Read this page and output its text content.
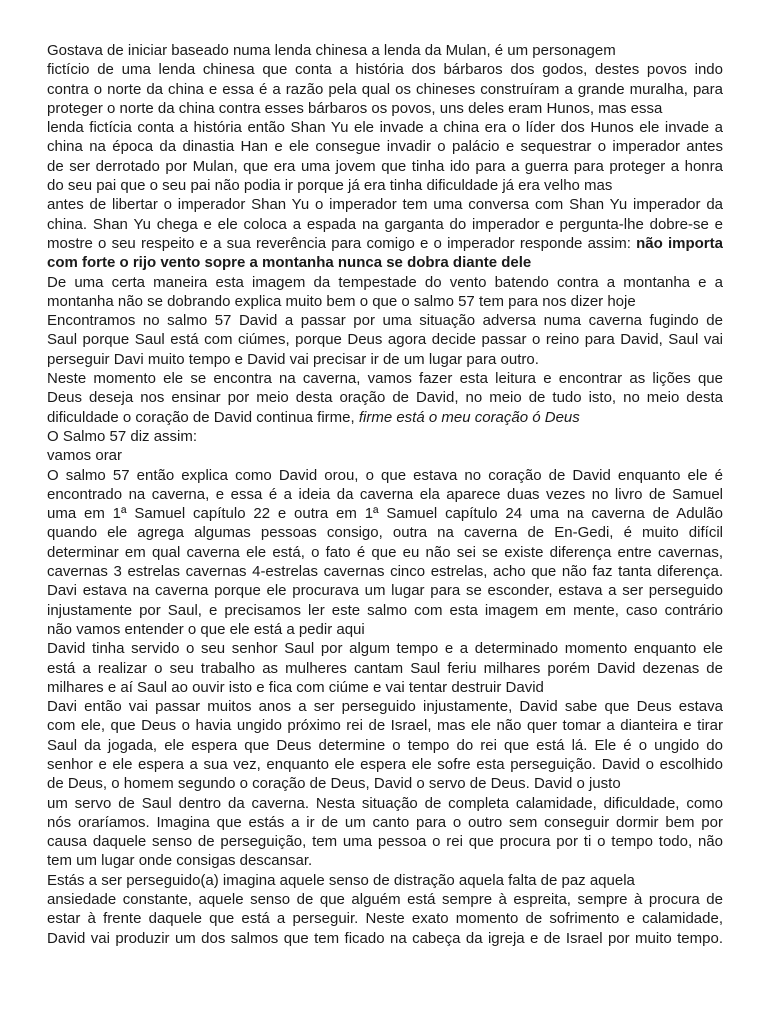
Gostava de iniciar baseado numa lenda chinesa a lenda da Mulan, é um personagem
fictício de uma lenda chinesa que conta a história dos bárbaros dos godos, destes povos indo
contra o norte da china e essa é a razão pela qual os chineses construíram a grande muralha, para
proteger o norte da china contra esses bárbaros os povos, uns deles eram Hunos, mas essa
lenda fictícia conta a história então Shan Yu ele invade a china era o líder dos Hunos ele invade a
china na época da dinastia Han e ele consegue invadir o palácio e sequestrar o imperador antes
de ser derrotado por Mulan, que era uma jovem que tinha ido para a guerra para proteger a honra
do seu pai que o seu pai não podia ir porque já era tinha dificuldade já era velho mas
antes de libertar o imperador Shan Yu o imperador tem uma conversa com Shan Yu imperador da
china. Shan Yu chega e ele coloca a espada na garganta do imperador e pergunta-lhe dobre-se e
mostre o seu respeito e a sua reverência para comigo e o imperador responde assim: não importa
com forte o rijo vento sopre a montanha nunca se dobra diante dele
De uma certa maneira esta imagem da tempestade do vento batendo contra a montanha e a
montanha não se dobrando explica muito bem o que o salmo 57 tem para nos dizer hoje
Encontramos no salmo 57 David a passar por uma situação adversa numa caverna fugindo de
Saul porque Saul está com ciúmes, porque Deus agora decide passar o reino para David, Saul vai
perseguir Davi muito tempo e David vai precisar ir de um lugar para outro.
Neste momento ele se encontra na caverna, vamos fazer esta leitura e encontrar as lições que
Deus deseja nos ensinar por meio desta oração de David, no meio de tudo isto, no meio desta
dificuldade o coração de David continua firme, firme está o meu coração ó Deus
O Salmo 57 diz assim:
vamos orar
O salmo 57 então explica como David orou, o que estava no coração de David enquanto ele é
encontrado na caverna, e essa é a ideia da caverna ela aparece duas vezes no livro de Samuel
uma em 1ª Samuel capítulo 22 e outra em 1ª Samuel capítulo 24 uma na caverna de Adulão
quando ele agrega algumas pessoas consigo, outra na caverna de En-Gedi, é muito difícil
determinar em qual caverna ele está, o fato é que eu não sei se existe diferença entre cavernas,
cavernas 3 estrelas cavernas 4-estrelas cavernas cinco estrelas, acho que não faz tanta diferença.
Davi estava na caverna porque ele procurava um lugar para se esconder, estava a ser perseguido
injustamente por Saul, e precisamos ler este salmo com esta imagem em mente, caso contrário
não vamos entender o que ele está a pedir aqui
David tinha servido o seu senhor Saul por algum tempo e a determinado momento enquanto ele
está a realizar o seu trabalho as mulheres cantam Saul feriu milhares porém David dezenas de
milhares e aí Saul ao ouvir isto e fica com ciúme e vai tentar destruir David
Davi então vai passar muitos anos a ser perseguido injustamente, David sabe que Deus estava
com ele, que Deus o havia ungido próximo rei de Israel, mas ele não quer tomar a dianteira e tirar
Saul da jogada, ele espera que Deus determine o tempo do rei que está lá. Ele é o ungido do
senhor e ele espera a sua vez, enquanto ele espera ele sofre esta perseguição. David o escolhido
de Deus, o homem segundo o coração de Deus, David o servo de Deus. David o justo
um servo de Saul dentro da caverna. Nesta situação de completa calamidade, dificuldade, como
nós oraríamos. Imagina que estás a ir de um canto para o outro sem conseguir dormir bem por
causa daquele senso de perseguição, tem uma pessoa o rei que procura por ti o tempo todo, não
tem um lugar onde consigas descansar.
Estás a ser perseguido(a) imagina aquele senso de distração aquela falta de paz aquela
ansiedade constante, aquele senso de que alguém está sempre à espreita, sempre à procura de
estar à frente daquele que está a perseguir. Neste exato momento de sofrimento e calamidade,
David vai produzir um dos salmos que tem ficado na cabeça da igreja e de Israel por muito tempo.
